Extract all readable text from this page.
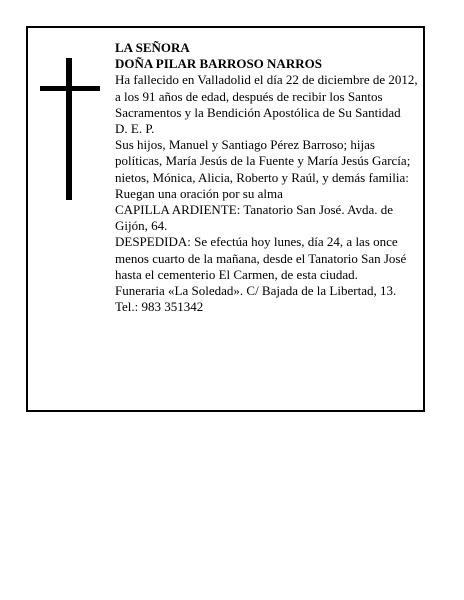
LA SEÑORA
DOÑA PILAR BARROSO NARROS
Ha fallecido en Valladolid el día 22 de diciembre de 2012, a los 91 años de edad, después de recibir los Santos Sacramentos y la Bendición Apostólica de Su Santidad
D. E. P.
Sus hijos, Manuel y Santiago Pérez Barroso; hijas políticas, María Jesús de la Fuente y María Jesús García; nietos, Mónica, Alicia, Roberto y Raúl, y demás familia:
Ruegan una oración por su alma
CAPILLA ARDIENTE: Tanatorio San José. Avda. de Gijón, 64.
DESPEDIDA: Se efectúa hoy lunes, día 24, a las once menos cuarto de la mañana, desde el Tanatorio San José hasta el cementerio El Carmen, de esta ciudad.
Funeraria «La Soledad». C/ Bajada de la Libertad, 13.
Tel.: 983 351342
